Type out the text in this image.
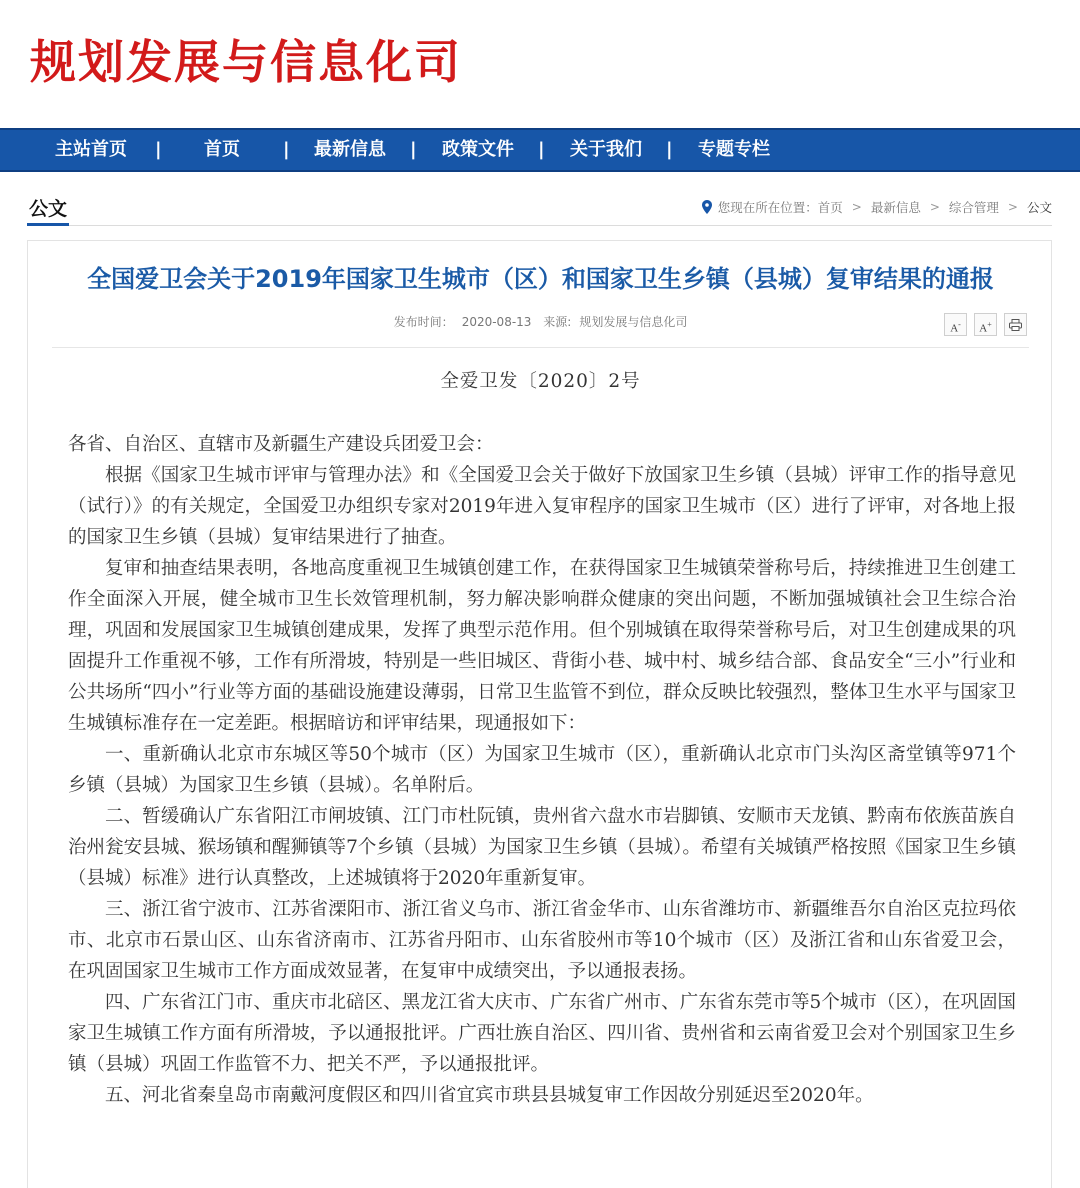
规划发展与信息化司
主站首页 | 首页 | 最新信息 | 政策文件 | 关于我们 | 专题专栏
公文	您现在所在位置： 首页 > 最新信息 > 综合管理 > 公文
全国爱卫会关于2019年国家卫生城市（区）和国家卫生乡镇（县城）复审结果的通报
发布时间： 2020-08-13 来源: 规划发展与信息化司	A-	A+
全爱卫发〔2020〕2号

各省、自治区、直辖市及新疆生产建设兵团爱卫会：

根据《国家卫生城市评审与管理办法》和《全国爱卫会关于做好下放国家卫生乡镇（县城）评审工作的指导意见（试行）》的有关规定，全国爱卫办组织专家对2019年进入复审程序的国家卫生城市（区）进行了评审，对各地上报的国家卫生乡镇（县城）复审结果进行了抽查。

复审和抽查结果表明，各地高度重视卫生城镇创建工作，在获得国家卫生城镇荣誉称号后，持续推进卫生创建工作全面深入开展，健全城市卫生长效管理机制，努力解决影响群众健康的突出问题，不断加强城镇社会卫生综合治理，巩固和发展国家卫生城镇创建成果，发挥了典型示范作用。但个别城镇在取得荣誉称号后，对卫生创建成果的巩固提升工作重视不够，工作有所滑坡，特别是一些旧城区、背街小巷、城中村、城乡结合部、食品安全“三小”行业和公共场所“四小”行业等方面的基础设施建设薄弱，日常卫生监管不到位，群众反映比较强烈，整体卫生水平与国家卫生城镇标准存在一定差距。根据暗访和评审结果，现通报如下：

一、重新确认北京市东城区等50个城市（区）为国家卫生城市（区），重新确认北京市门头沟区斋堂镇等971个乡镇（县城）为国家卫生乡镇（县城）。名单附后。

二、暂缓确认广东省阳江市闸坡镇、江门市杜阮镇，贵州省六盘水市岩脚镇、安顺市天龙镇、黔南布依族苗族自治州瓮安县城、猴场镇和醒狮镇等7个乡镇（县城）为国家卫生乡镇（县城）。希望有关城镇严格按照《国家卫生乡镇（县城）标准》进行认真整改，上述城镇将于2020年重新复审。

三、浙江省宁波市、江苏省溧阳市、浙江省义乌市、浙江省金华市、山东省潍坊市、新疆维吾尔自治区克拉玛依市、北京市石景山区、山东省济南市、江苏省丹阳市、山东省胶州市等10个城市（区）及浙江省和山东省爱卫会，在巩固国家卫生城市工作方面成效显著，在复审中成绩突出，予以通报表扬。

四、广东省江门市、重庆市北碚区、黑龙江省大庆市、广东省广州市、广东省东莞市等5个城市（区），在巩固国家卫生城镇工作方面有所滑坡，予以通报批评。广西壮族自治区、四川省、贵州省和云南省爱卫会对个别国家卫生乡镇（县城）巩固工作监管不力、把关不严，予以通报批评。

五、河北省秦皇岛市南戴河度假区和四川省宜宾市珙县县城复审工作因故分别延迟至2020年。
